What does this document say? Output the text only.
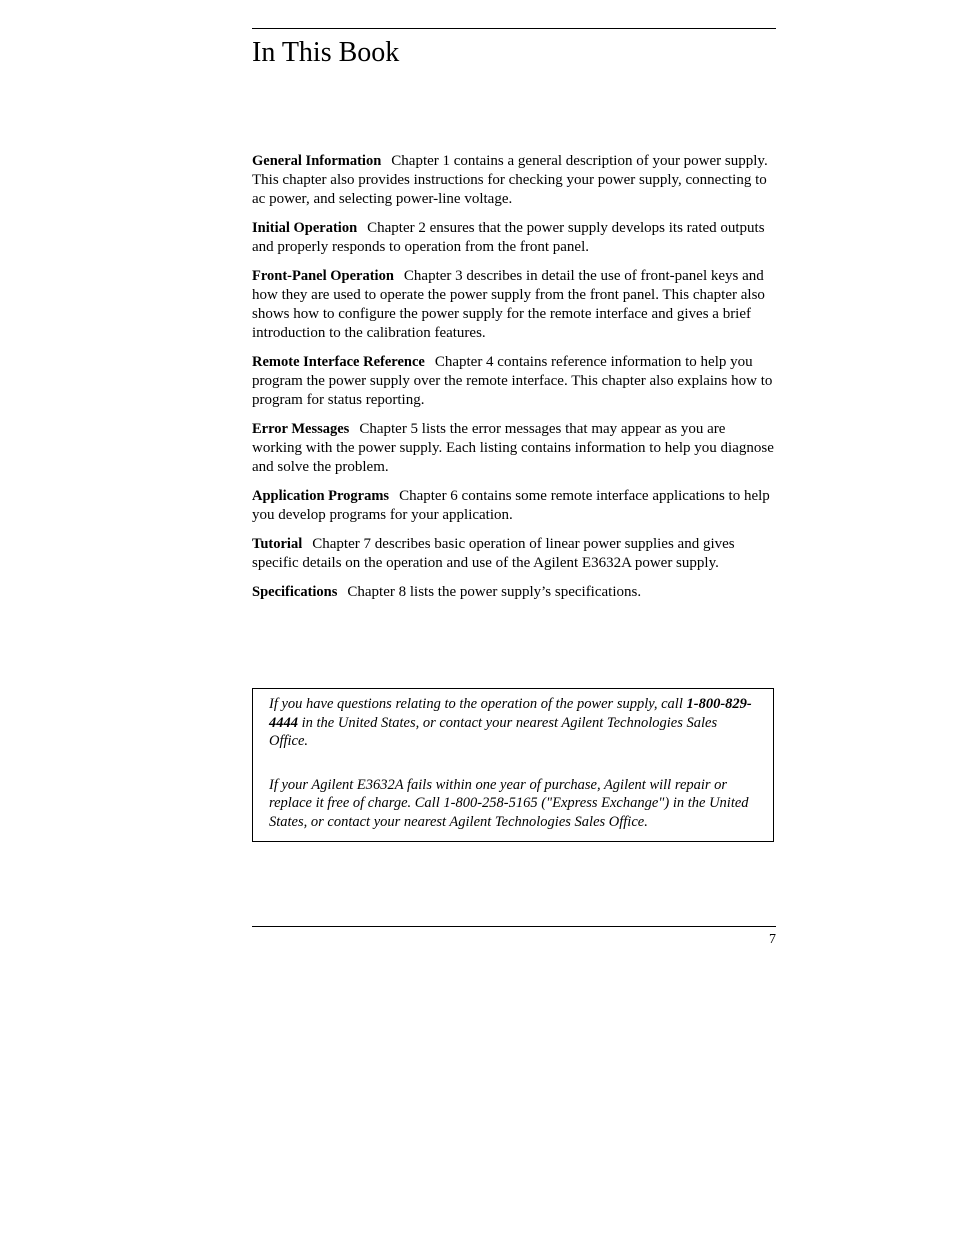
In This Book

General Information Chapter 1 contains a general description of your power supply. This chapter also provides instructions for checking your power supply, connecting to ac power, and selecting power-line voltage.

Initial Operation Chapter 2 ensures that the power supply develops its rated outputs and properly responds to operation from the front panel.

Front-Panel Operation Chapter 3 describes in detail the use of front-panel keys and how they are used to operate the power supply from the front panel. This chapter also shows how to configure the power supply for the remote interface and gives a brief introduction to the calibration features.

Remote Interface Reference Chapter 4 contains reference information to help you program the power supply over the remote interface. This chapter also explains how to program for status reporting.

Error Messages Chapter 5 lists the error messages that may appear as you are working with the power supply. Each listing contains information to help you diagnose and solve the problem.

Application Programs Chapter 6 contains some remote interface applications to help you develop programs for your application.

Tutorial Chapter 7 describes basic operation of linear power supplies and gives specific details on the operation and use of the Agilent E3632A power supply.

Specifications Chapter 8 lists the power supply’s specifications.

If you have questions relating to the operation of the power supply, call 1-800-829-4444 in the United States, or contact your nearest Agilent Technologies Sales Office.

If your Agilent E3632A fails within one year of purchase, Agilent will repair or replace it free of charge. Call 1-800-258-5165 ("Express Exchange") in the United States, or contact your nearest Agilent Technologies Sales Office.

7
